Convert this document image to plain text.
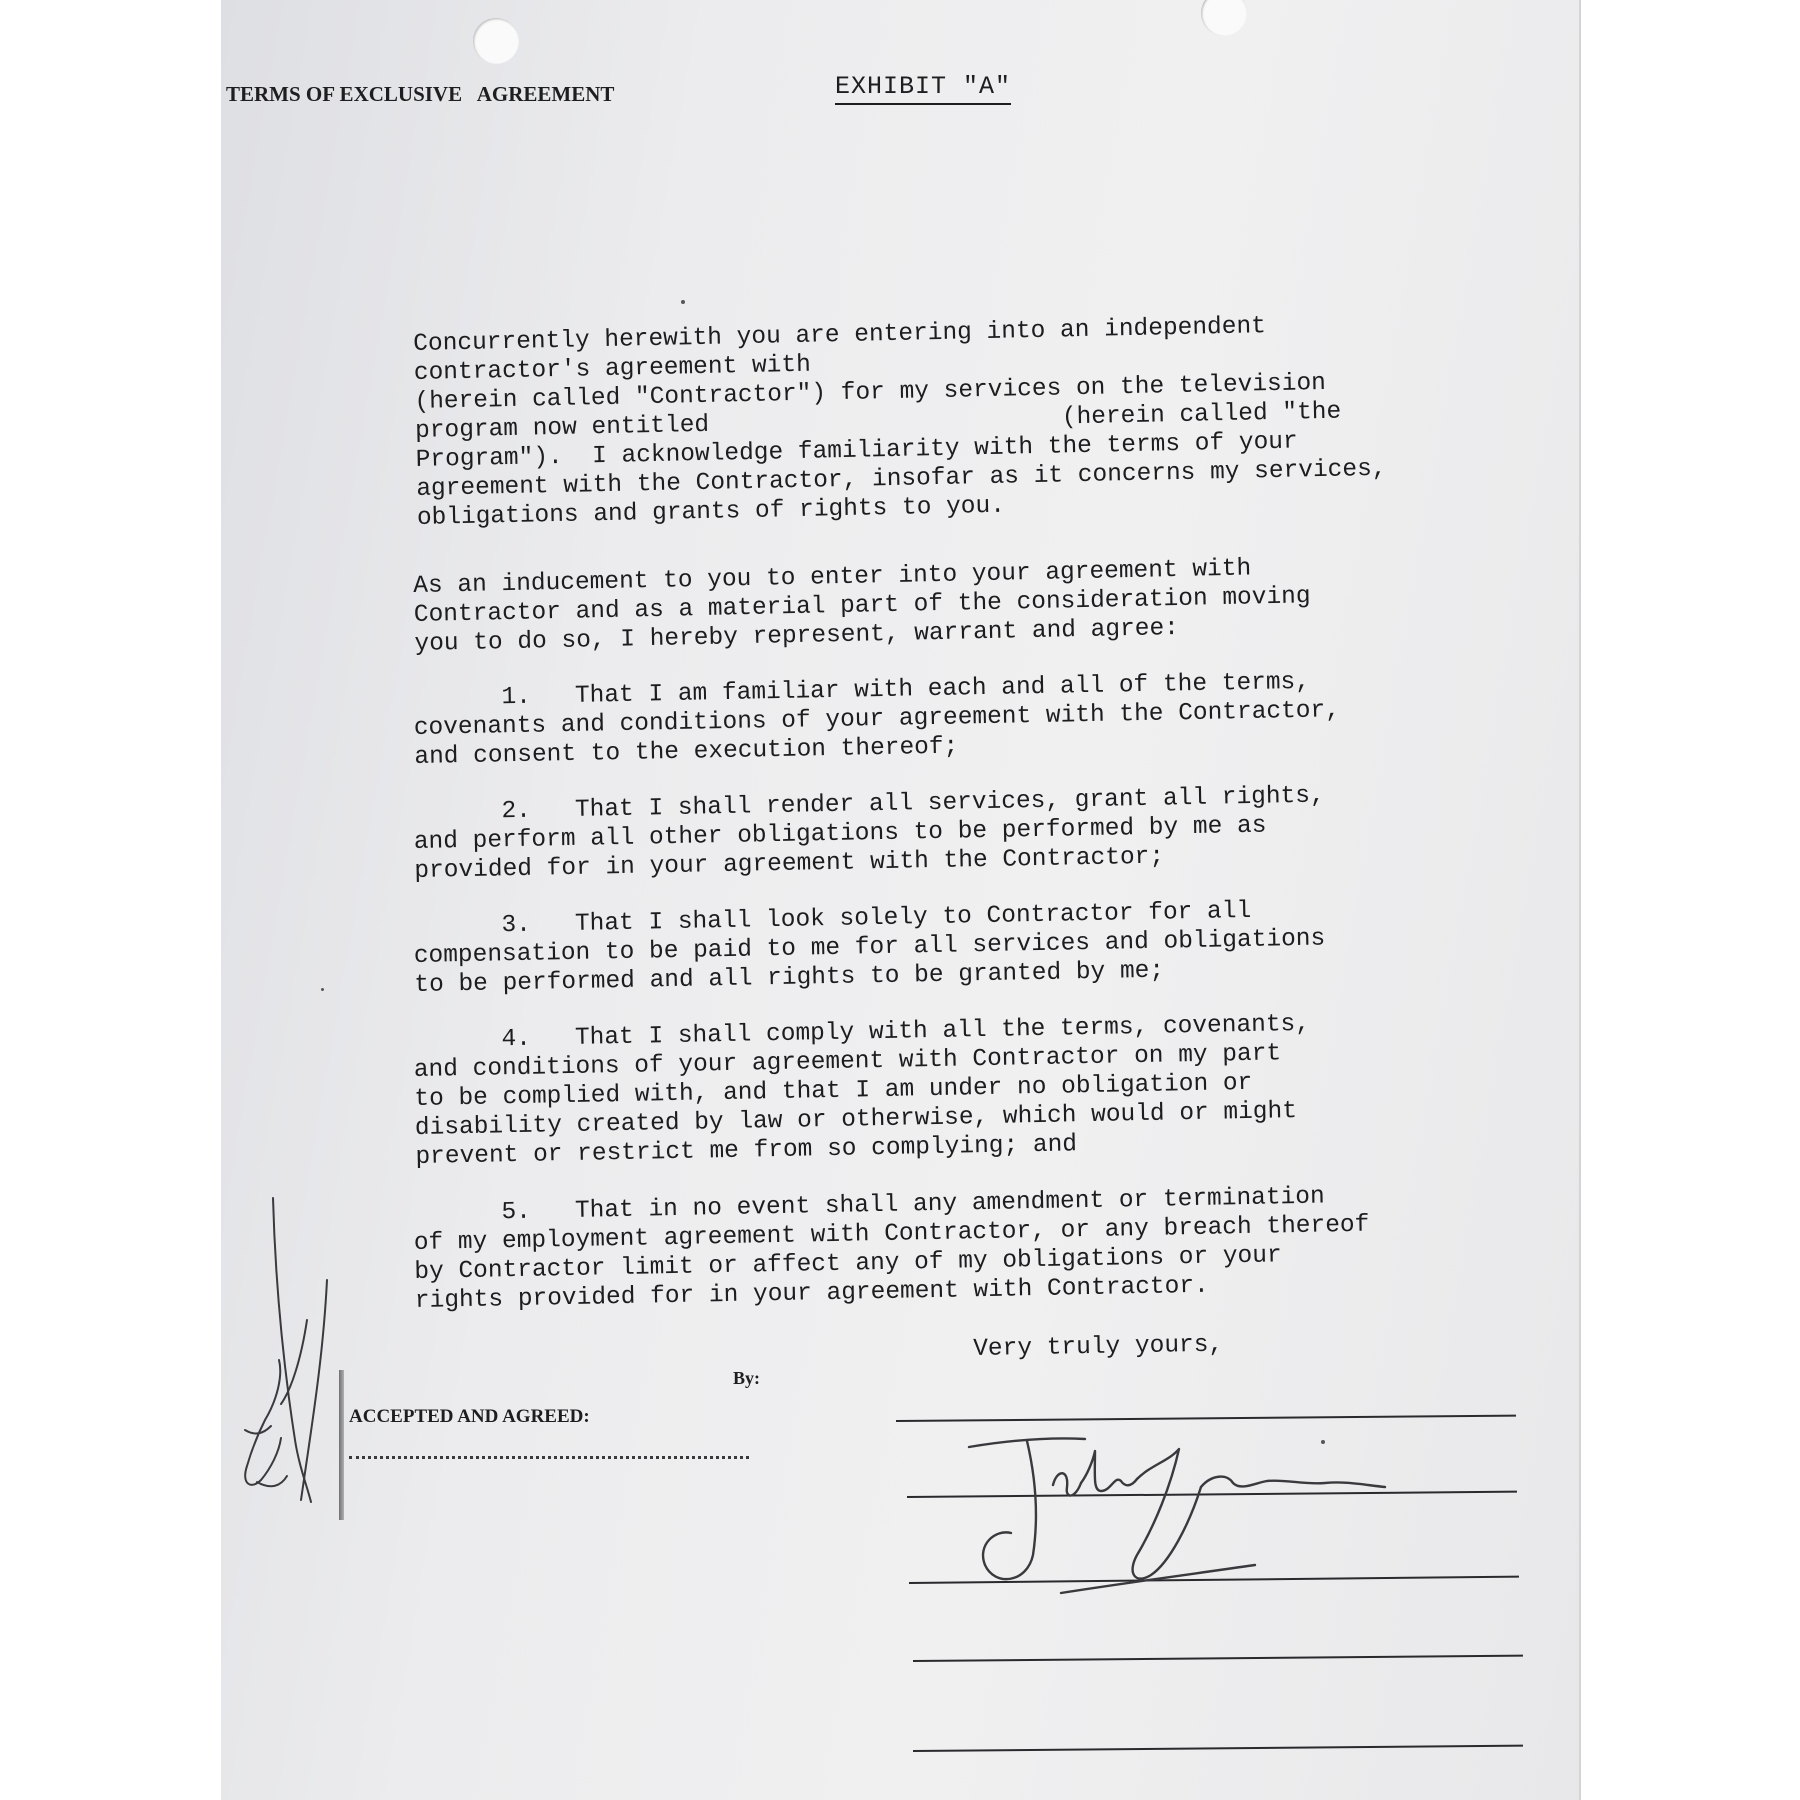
TERMS OF EXCLUSIVE   AGREEMENT	EXHIBIT "A"
Concurrently herewith you are entering into an independent
contractor's agreement with
(herein called "Contractor") for my services on the television
program now entitled                        (herein called "the
Program").  I acknowledge familiarity with the terms of your
agreement with the Contractor, insofar as it concerns my services,
obligations and grants of rights to you.
As an inducement to you to enter into your agreement with
Contractor and as a material part of the consideration moving
you to do so, I hereby represent, warrant and agree:
1.   That I am familiar with each and all of the terms,
covenants and conditions of your agreement with the Contractor,
and consent to the execution thereof;
2.   That I shall render all services, grant all rights,
and perform all other obligations to be performed by me as
provided for in your agreement with the Contractor;
3.   That I shall look solely to Contractor for all
compensation to be paid to me for all services and obligations
to be performed and all rights to be granted by me;
4.   That I shall comply with all the terms, covenants,
and conditions of your agreement with Contractor on my part
to be complied with, and that I am under no obligation or
disability created by law or otherwise, which would or might
prevent or restrict me from so complying; and
5.   That in no event shall any amendment or termination
of my employment agreement with Contractor, or any breach thereof
by Contractor limit or affect any of my obligations or your
rights provided for in your agreement with Contractor.
Very truly yours,
By:
ACCEPTED AND AGREED:
